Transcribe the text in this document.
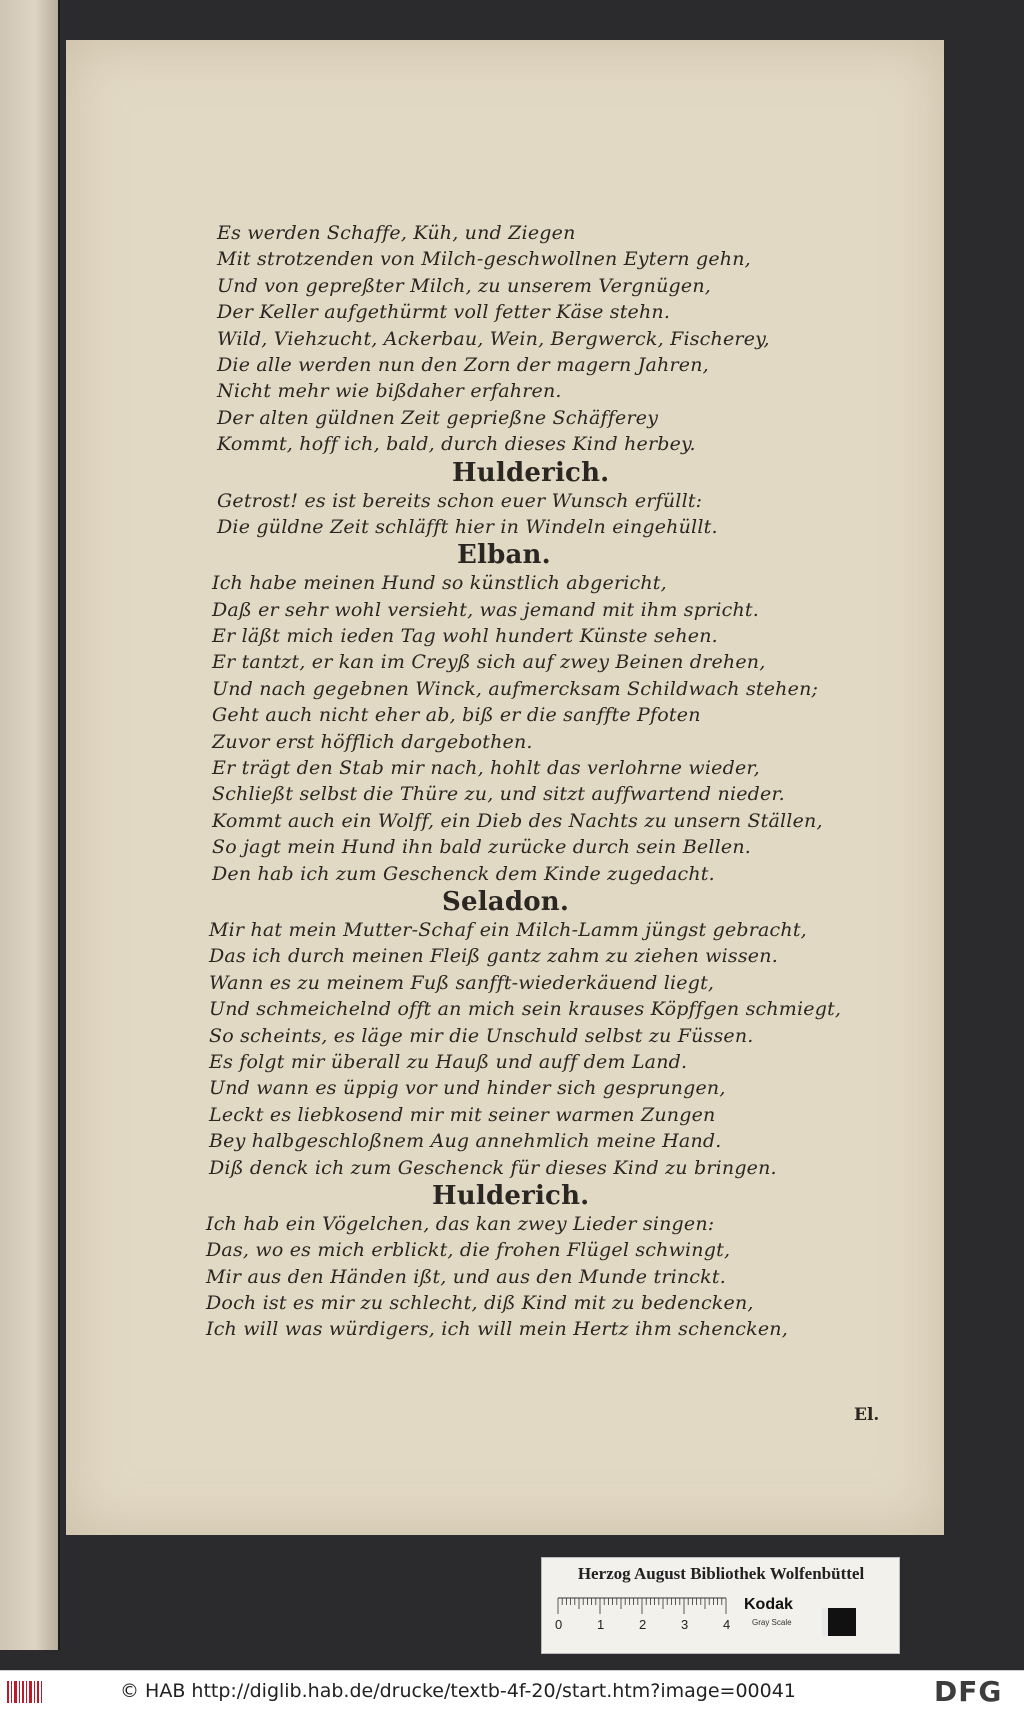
Es werden Schaffe, Küh, und Ziegen
Mit strotzenden von Milch-geschwollnen Eytern gehn,
Und von gepreßter Milch, zu unserem Vergnügen,
Der Keller aufgethürmt voll fetter Käse stehn.
Wild, Viehzucht, Ackerbau, Wein, Bergwerck, Fischerey,
Die alle werden nun den Zorn der magern Jahren,
Nicht mehr wie bißdaher erfahren.
Der alten güldnen Zeit geprießne Schäfferey
Kommt, hoff ich, bald, durch dieses Kind herbey.
Hulderich.
Getrost! es ist bereits schon euer Wunsch erfüllt:
Die güldne Zeit schläfft hier in Windeln eingehüllt.
Elban.
Ich habe meinen Hund so künstlich abgericht,
Daß er sehr wohl versieht, was jemand mit ihm spricht.
Er läßt mich ieden Tag wohl hundert Künste sehen.
Er tantzt, er kan im Creyß sich auf zwey Beinen drehen,
Und nach gegebnen Winck, aufmercksam Schildwach stehen;
Geht auch nicht eher ab, biß er die sanffte Pfoten
Zuvor erst höfflich dargebothen.
Er trägt den Stab mir nach, hohlt das verlohrne wieder,
Schließt selbst die Thüre zu, und sitzt auffwartend nieder.
Kommt auch ein Wolff, ein Dieb des Nachts zu unsern Ställen,
So jagt mein Hund ihn bald zurücke durch sein Bellen.
Den hab ich zum Geschenck dem Kinde zugedacht.
Seladon.
Mir hat mein Mutter-Schaf ein Milch-Lamm jüngst gebracht,
Das ich durch meinen Fleiß gantz zahm zu ziehen wissen.
Wann es zu meinem Fuß sanfft-wiederkäuend liegt,
Und schmeichelnd offt an mich sein krauses Köpffgen schmiegt,
So scheints, es läge mir die Unschuld selbst zu Füssen.
Es folgt mir überall zu Hauß und auff dem Land.
Und wann es üppig vor und hinder sich gesprungen,
Leckt es liebkosend mir mit seiner warmen Zungen
Bey halbgeschloßnem Aug annehmlich meine Hand.
Diß denck ich zum Geschenck für dieses Kind zu bringen.
Hulderich.
Ich hab ein Vögelchen, das kan zwey Lieder singen:
Das, wo es mich erblickt, die frohen Flügel schwingt,
Mir aus den Händen ißt, und aus den Munde trinckt.
Doch ist es mir zu schlecht, diß Kind mit zu bedencken,
Ich will was würdigers, ich will mein Hertz ihm schencken,
El.
Herzog August Bibliothek Wolfenbüttel
0	1	2	3	4
Kodak
Gray Scale
© HAB http://diglib.hab.de/drucke/textb-4f-20/start.htm?image=00041	DFG
